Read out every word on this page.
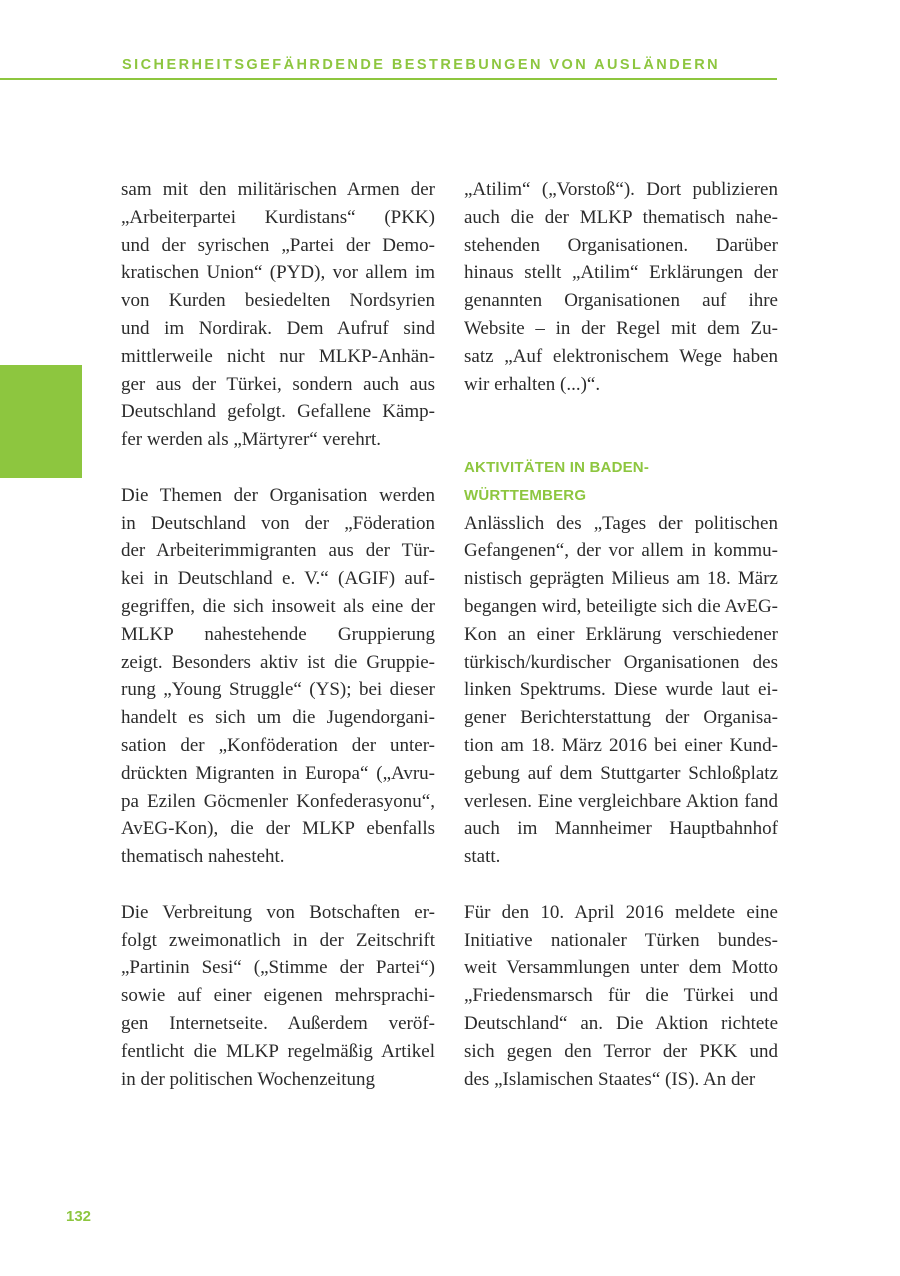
SICHERHEITSGEFÄHRDENDE BESTREBUNGEN VON AUSLÄNDERN

sam mit den militärischen Armen der
„Arbeiterpartei Kurdistans“ (PKK)
und der syrischen „Partei der Demo-
kratischen Union“ (PYD), vor allem im
von Kurden besiedelten Nordsyrien
und im Nordirak. Dem Aufruf sind
mittlerweile nicht nur MLKP-Anhän-
ger aus der Türkei, sondern auch aus
Deutschland gefolgt. Gefallene Kämp-
fer werden als „Märtyrer“ verehrt.

Die Themen der Organisation werden
in Deutschland von der „Föderation
der Arbeiterimmigranten aus der Tür-
kei in Deutschland e. V.“ (AGIF) auf-
gegriffen, die sich insoweit als eine der
MLKP nahestehende Gruppierung
zeigt. Besonders aktiv ist die Gruppie-
rung „Young Struggle“ (YS); bei dieser
handelt es sich um die Jugendorgani-
sation der „Konföderation der unter-
drückten Migranten in Europa“ („Avru-
pa Ezilen Göcmenler Konfederasyonu“,
AvEG-Kon), die der MLKP ebenfalls
thematisch nahesteht.

Die Verbreitung von Botschaften er-
folgt zweimonatlich in der Zeitschrift
„Partinin Sesi“ („Stimme der Partei“)
sowie auf einer eigenen mehrsprachi-
gen Internetseite. Außerdem veröf-
fentlicht die MLKP regelmäßig Artikel
in der politischen Wochenzeitung

„Atilim“ („Vorstoß“). Dort publizieren
auch die der MLKP thematisch nahe-
stehenden Organisationen. Darüber
hinaus stellt „Atilim“ Erklärungen der
genannten Organisationen auf ihre
Website – in der Regel mit dem Zu-
satz „Auf elektronischem Wege haben
wir erhalten (...)“.

AKTIVITÄTEN IN BADEN-
WÜRTTEMBERG

Anlässlich des „Tages der politischen
Gefangenen“, der vor allem in kommu-
nistisch geprägten Milieus am 18. März
begangen wird, beteiligte sich die AvEG-
Kon an einer Erklärung verschiedener
türkisch/kurdischer Organisationen des
linken Spektrums. Diese wurde laut ei-
gener Berichterstattung der Organisa-
tion am 18. März 2016 bei einer Kund-
gebung auf dem Stuttgarter Schloßplatz
verlesen. Eine vergleichbare Aktion fand
auch im Mannheimer Hauptbahnhof
statt.

Für den 10. April 2016 meldete eine
Initiative nationaler Türken bundes-
weit Versammlungen unter dem Motto
„Friedensmarsch für die Türkei und
Deutschland“ an. Die Aktion richtete
sich gegen den Terror der PKK und
des „Islamischen Staates“ (IS). An der

132
